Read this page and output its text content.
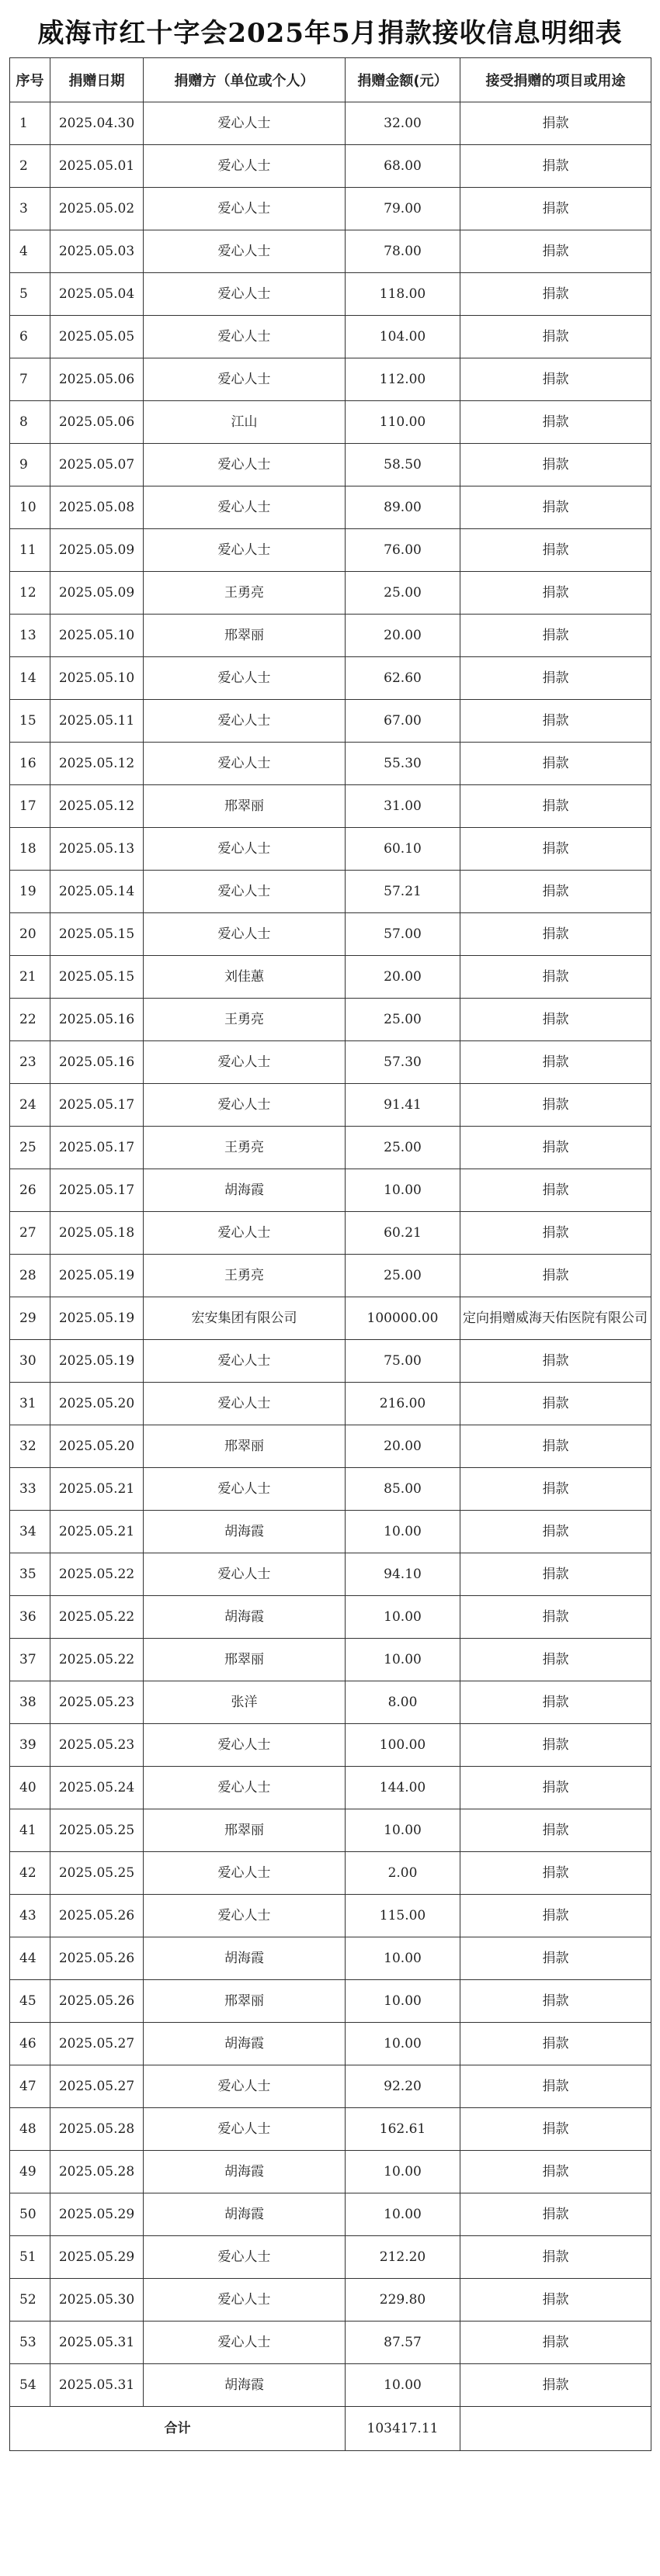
威海市红十字会2025年5月捐款接收信息明细表
序号	捐赠日期	捐赠方（单位或个人）	捐赠金额(元）	接受捐赠的项目或用途
1	2025.04.30	爱心人士	32.00	捐款
2	2025.05.01	爱心人士	68.00	捐款
3	2025.05.02	爱心人士	79.00	捐款
4	2025.05.03	爱心人士	78.00	捐款
5	2025.05.04	爱心人士	118.00	捐款
6	2025.05.05	爱心人士	104.00	捐款
7	2025.05.06	爱心人士	112.00	捐款
8	2025.05.06	江山	110.00	捐款
9	2025.05.07	爱心人士	58.50	捐款
10	2025.05.08	爱心人士	89.00	捐款
11	2025.05.09	爱心人士	76.00	捐款
12	2025.05.09	王勇亮	25.00	捐款
13	2025.05.10	邢翠丽	20.00	捐款
14	2025.05.10	爱心人士	62.60	捐款
15	2025.05.11	爱心人士	67.00	捐款
16	2025.05.12	爱心人士	55.30	捐款
17	2025.05.12	邢翠丽	31.00	捐款
18	2025.05.13	爱心人士	60.10	捐款
19	2025.05.14	爱心人士	57.21	捐款
20	2025.05.15	爱心人士	57.00	捐款
21	2025.05.15	刘佳蕙	20.00	捐款
22	2025.05.16	王勇亮	25.00	捐款
23	2025.05.16	爱心人士	57.30	捐款
24	2025.05.17	爱心人士	91.41	捐款
25	2025.05.17	王勇亮	25.00	捐款
26	2025.05.17	胡海霞	10.00	捐款
27	2025.05.18	爱心人士	60.21	捐款
28	2025.05.19	王勇亮	25.00	捐款
29	2025.05.19	宏安集团有限公司	100000.00	定向捐赠威海天佑医院有限公司
30	2025.05.19	爱心人士	75.00	捐款
31	2025.05.20	爱心人士	216.00	捐款
32	2025.05.20	邢翠丽	20.00	捐款
33	2025.05.21	爱心人士	85.00	捐款
34	2025.05.21	胡海霞	10.00	捐款
35	2025.05.22	爱心人士	94.10	捐款
36	2025.05.22	胡海霞	10.00	捐款
37	2025.05.22	邢翠丽	10.00	捐款
38	2025.05.23	张洋	8.00	捐款
39	2025.05.23	爱心人士	100.00	捐款
40	2025.05.24	爱心人士	144.00	捐款
41	2025.05.25	邢翠丽	10.00	捐款
42	2025.05.25	爱心人士	2.00	捐款
43	2025.05.26	爱心人士	115.00	捐款
44	2025.05.26	胡海霞	10.00	捐款
45	2025.05.26	邢翠丽	10.00	捐款
46	2025.05.27	胡海霞	10.00	捐款
47	2025.05.27	爱心人士	92.20	捐款
48	2025.05.28	爱心人士	162.61	捐款
49	2025.05.28	胡海霞	10.00	捐款
50	2025.05.29	胡海霞	10.00	捐款
51	2025.05.29	爱心人士	212.20	捐款
52	2025.05.30	爱心人士	229.80	捐款
53	2025.05.31	爱心人士	87.57	捐款
54	2025.05.31	胡海霞	10.00	捐款
合计			103417.11	
